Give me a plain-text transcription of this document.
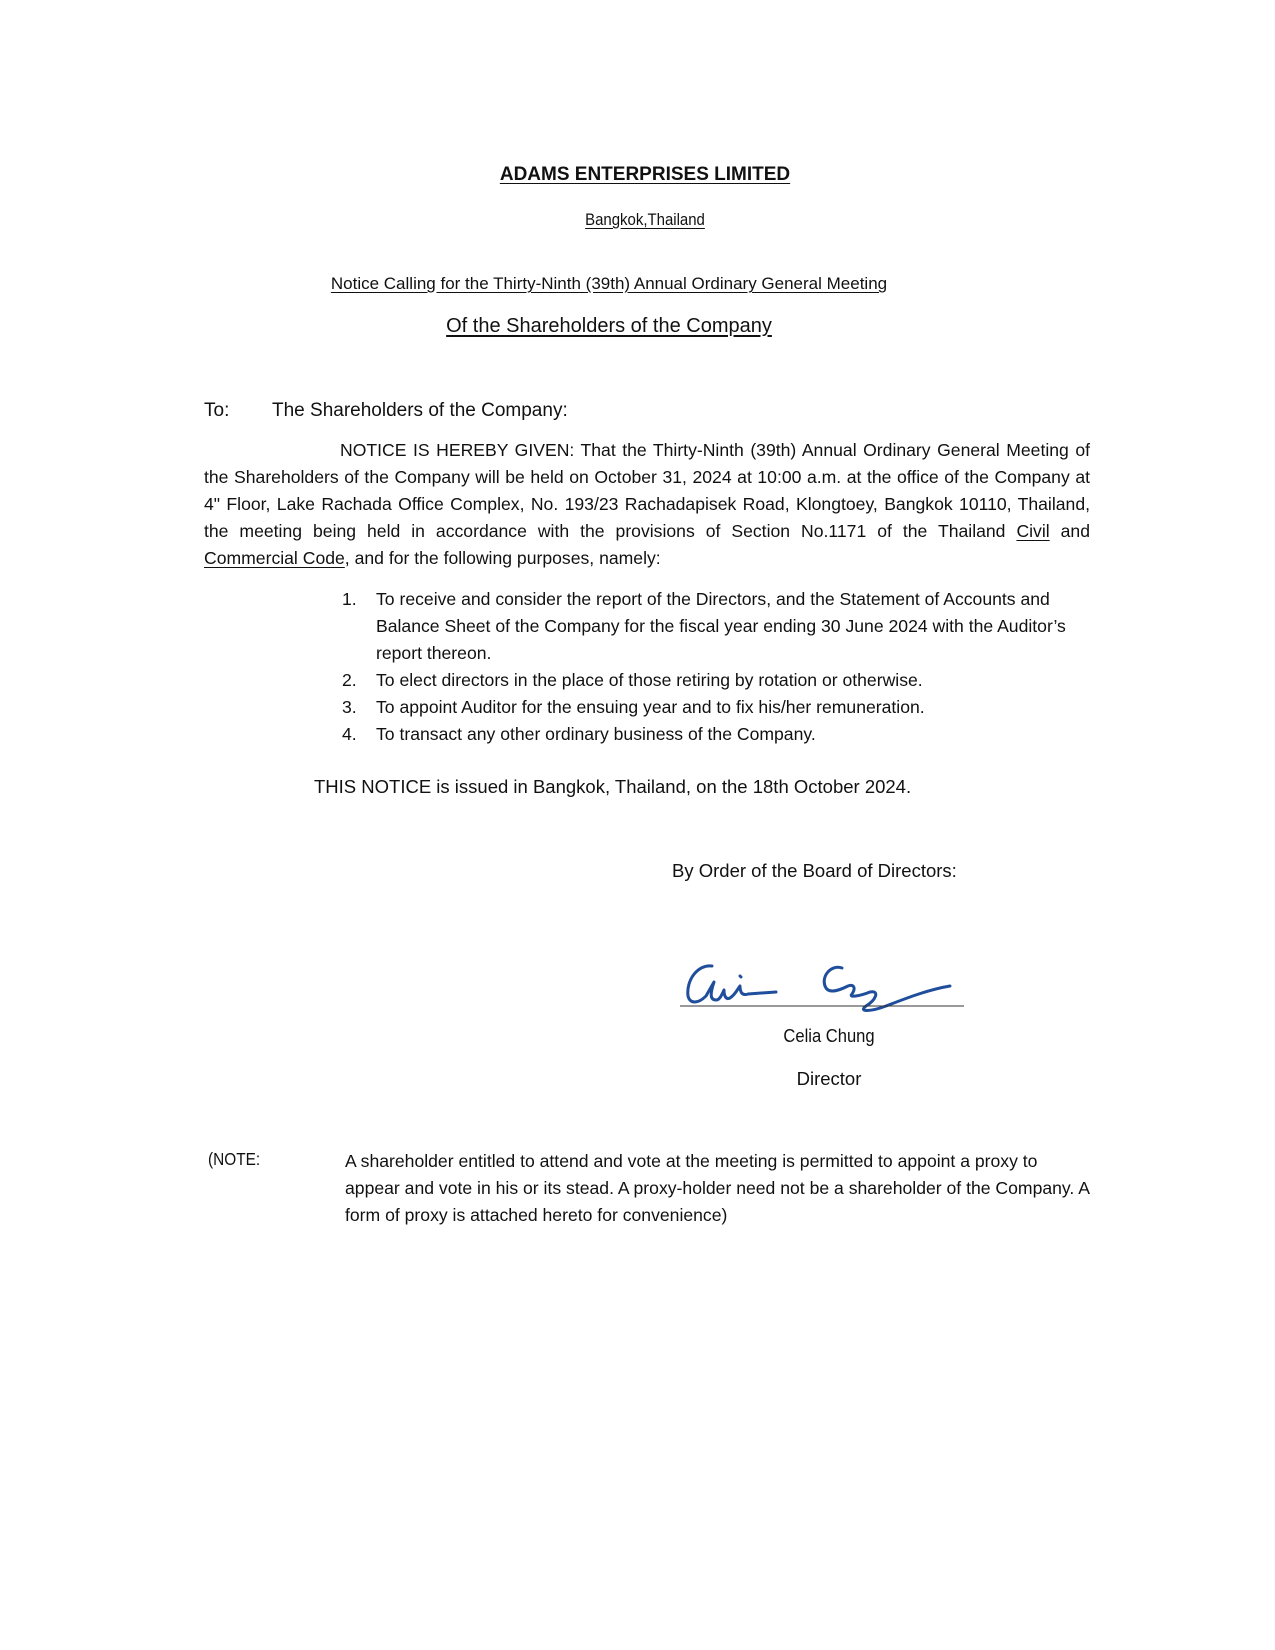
ADAMS ENTERPRISES LIMITED
Bangkok,Thailand
Notice Calling for the Thirty-Ninth (39th) Annual Ordinary General Meeting
Of the Shareholders of the Company
To: The Shareholders of the Company:
NOTICE IS HEREBY GIVEN: That the Thirty-Ninth (39th) Annual Ordinary General Meeting of the Shareholders of the Company will be held on October 31, 2024 at 10:00 a.m. at the office of the Company at 4" Floor, Lake Rachada Office Complex, No. 193/23 Rachadapisek Road, Klongtoey, Bangkok 10110, Thailand, the meeting being held in accordance with the provisions of Section No.1171 of the Thailand Civil and Commercial Code, and for the following purposes, namely:
1. To receive and consider the report of the Directors, and the Statement of Accounts and Balance Sheet of the Company for the fiscal year ending 30 June 2024 with the Auditor’s report thereon.
2. To elect directors in the place of those retiring by rotation or otherwise.
3. To appoint Auditor for the ensuing year and to fix his/her remuneration.
4. To transact any other ordinary business of the Company.
THIS NOTICE is issued in Bangkok, Thailand, on the 18th October 2024.
By Order of the Board of Directors:
Celia Chung
Director
(NOTE:	A shareholder entitled to attend and vote at the meeting is permitted to appoint a proxy to appear and vote in his or its stead. A proxy-holder need not be a shareholder of the Company. A form of proxy is attached hereto for convenience)
